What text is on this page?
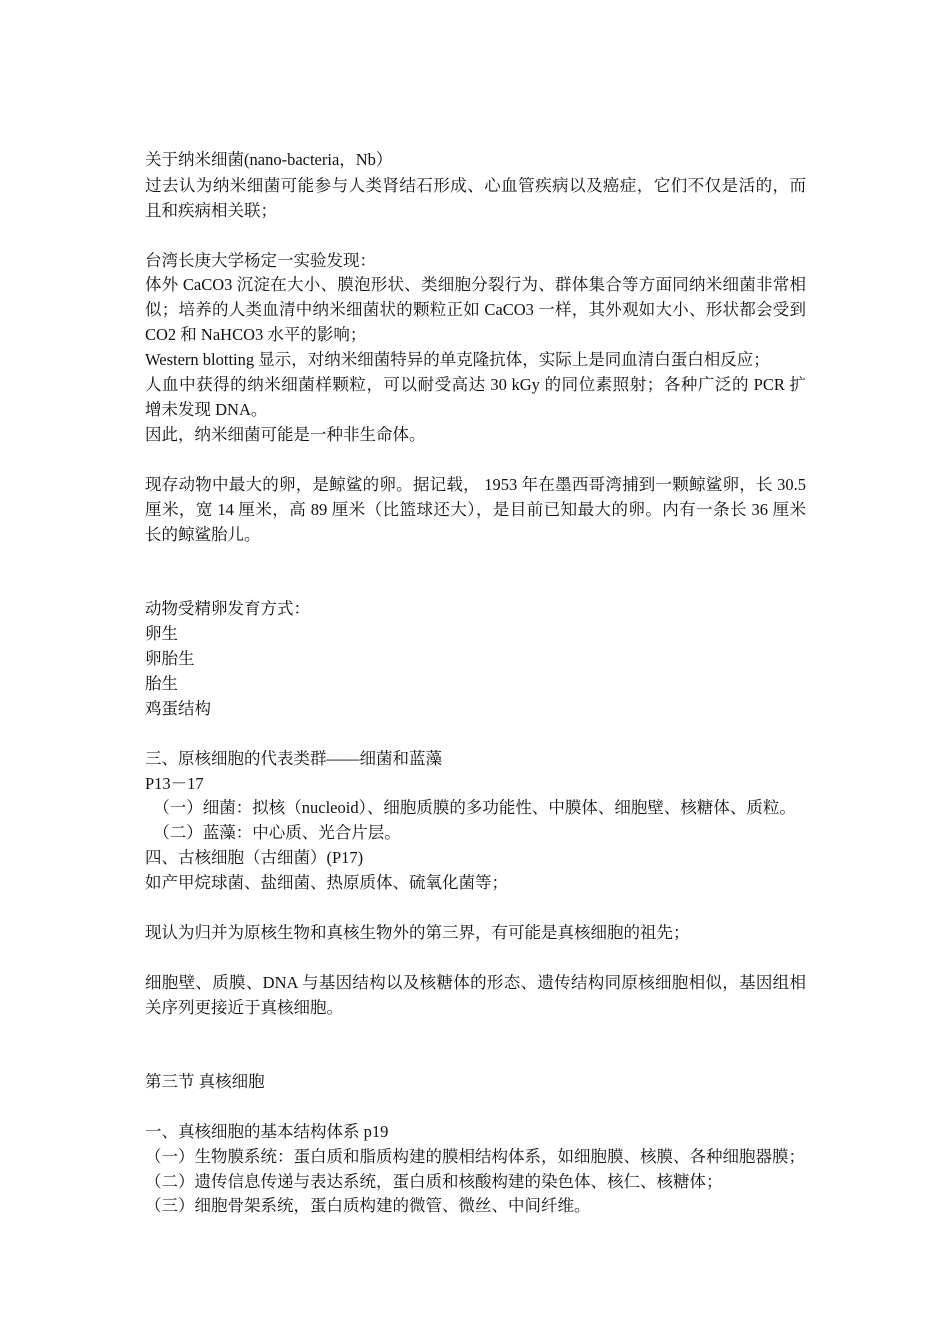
关于纳米细菌(nano-bacteria，Nb）
过去认为纳米细菌可能参与人类肾结石形成、心血管疾病以及癌症，它们不仅是活的，而
且和疾病相关联；
台湾长庚大学杨定一实验发现：
体外 CaCO3 沉淀在大小、膜泡形状、类细胞分裂行为、群体集合等方面同纳米细菌非常相
似；培养的人类血清中纳米细菌状的颗粒正如 CaCO3 一样，其外观如大小、形状都会受到
CO2 和 NaHCO3 水平的影响；
Western blotting 显示，对纳米细菌特异的单克隆抗体，实际上是同血清白蛋白相反应；
人血中获得的纳米细菌样颗粒，可以耐受高达 30 kGy 的同位素照射；各种广泛的 PCR 扩
增未发现 DNA。
因此，纳米细菌可能是一种非生命体。
现存动物中最大的卵，是鲸鲨的卵。据记载， 1953 年在墨西哥湾捕到一颗鲸鲨卵，长 30.5
厘米，宽 14 厘米，高 89 厘米（比篮球还大），是目前已知最大的卵。内有一条长 36 厘米
长的鲸鲨胎儿。
动物受精卵发育方式：
卵生
卵胎生
胎生
鸡蛋结构
三、原核细胞的代表类群——细菌和蓝藻
P13－17
　（一）细菌：拟核（nucleoid）、细胞质膜的多功能性、中膜体、细胞壁、核糖体、质粒。
　（二）蓝藻：中心质、光合片层。
四、古核细胞（古细菌）(P17)
如产甲烷球菌、盐细菌、热原质体、硫氧化菌等；
现认为归并为原核生物和真核生物外的第三界，有可能是真核细胞的祖先；
细胞壁、质膜、DNA 与基因结构以及核糖体的形态、遗传结构同原核细胞相似，基因组相
关序列更接近于真核细胞。
第三节 真核细胞
一、真核细胞的基本结构体系 p19
（一）生物膜系统：蛋白质和脂质构建的膜相结构体系，如细胞膜、核膜、各种细胞器膜；
（二）遗传信息传递与表达系统，蛋白质和核酸构建的染色体、核仁、核糖体；
（三）细胞骨架系统，蛋白质构建的微管、微丝、中间纤维。
